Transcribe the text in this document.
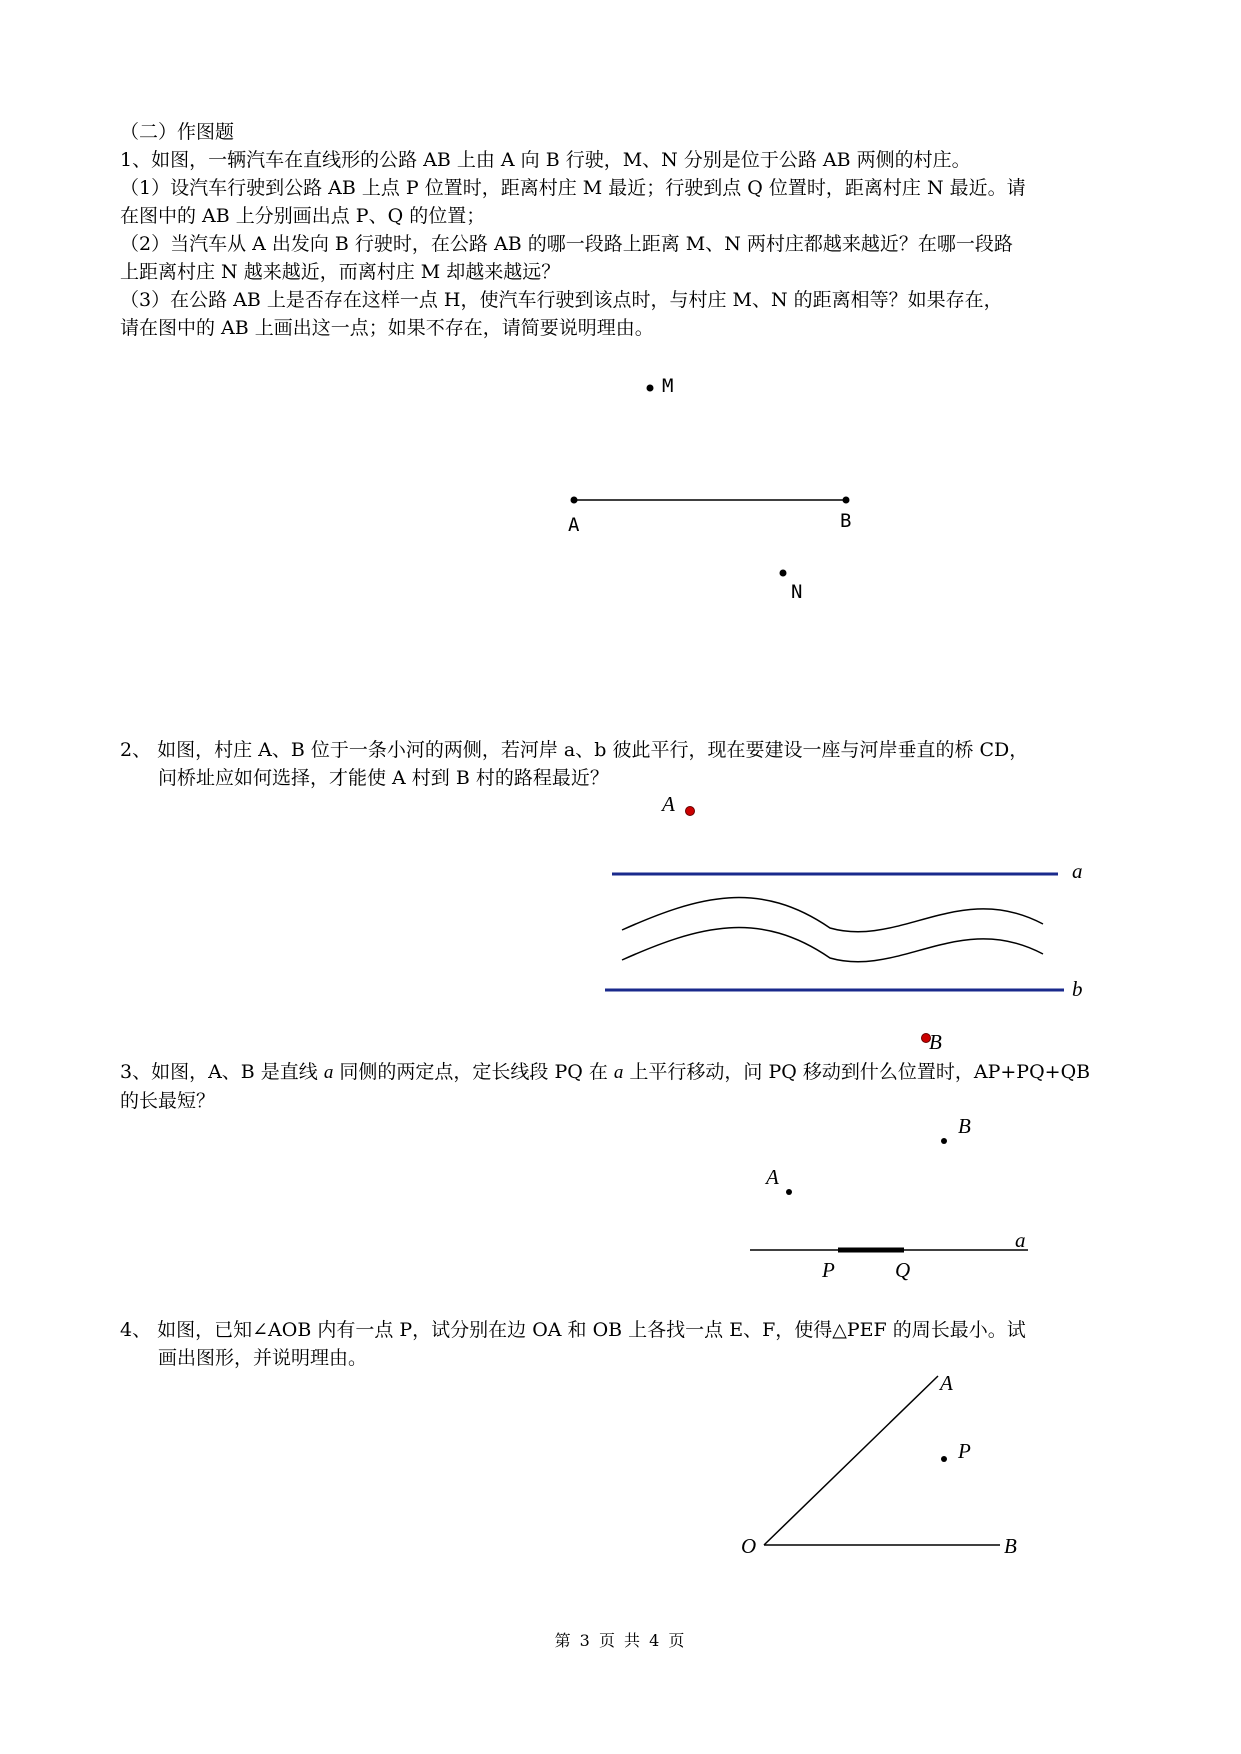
（二）作图题
1、如图，一辆汽车在直线形的公路 AB 上由 A 向 B 行驶，M、N 分别是位于公路 AB 两侧的村庄。
（1）设汽车行驶到公路 AB 上点 P 位置时，距离村庄 M 最近；行驶到点 Q 位置时，距离村庄 N 最近。请
在图中的 AB 上分别画出点 P、Q 的位置；
（2）当汽车从 A 出发向 B 行驶时，在公路 AB 的哪一段路上距离 M、N 两村庄都越来越近？在哪一段路
上距离村庄 N 越来越近，而离村庄 M 却越来越远？
（3）在公路 AB 上是否存在这样一点 H，使汽车行驶到该点时，与村庄 M、N 的距离相等？如果存在，
请在图中的 AB 上画出这一点；如果不存在，请简要说明理由。
2、 如图，村庄 A、B 位于一条小河的两侧，若河岸 a、b 彼此平行，现在要建设一座与河岸垂直的桥 CD，
问桥址应如何选择，才能使 A 村到 B 村的路程最近？
3、如图，A、B 是直线 a 同侧的两定点，定长线段 PQ 在 a 上平行移动，问 PQ 移动到什么位置时，AP+PQ+QB
的长最短？
4、 如图，已知∠AOB 内有一点 P，试分别在边 OA 和 OB 上各找一点 E、F，使得△PEF 的周长最小。试
画出图形，并说明理由。
M
A	B
N
A
a
b
B
B
A
a
P	Q
A
P
O	B
第 3 页 共 4 页
